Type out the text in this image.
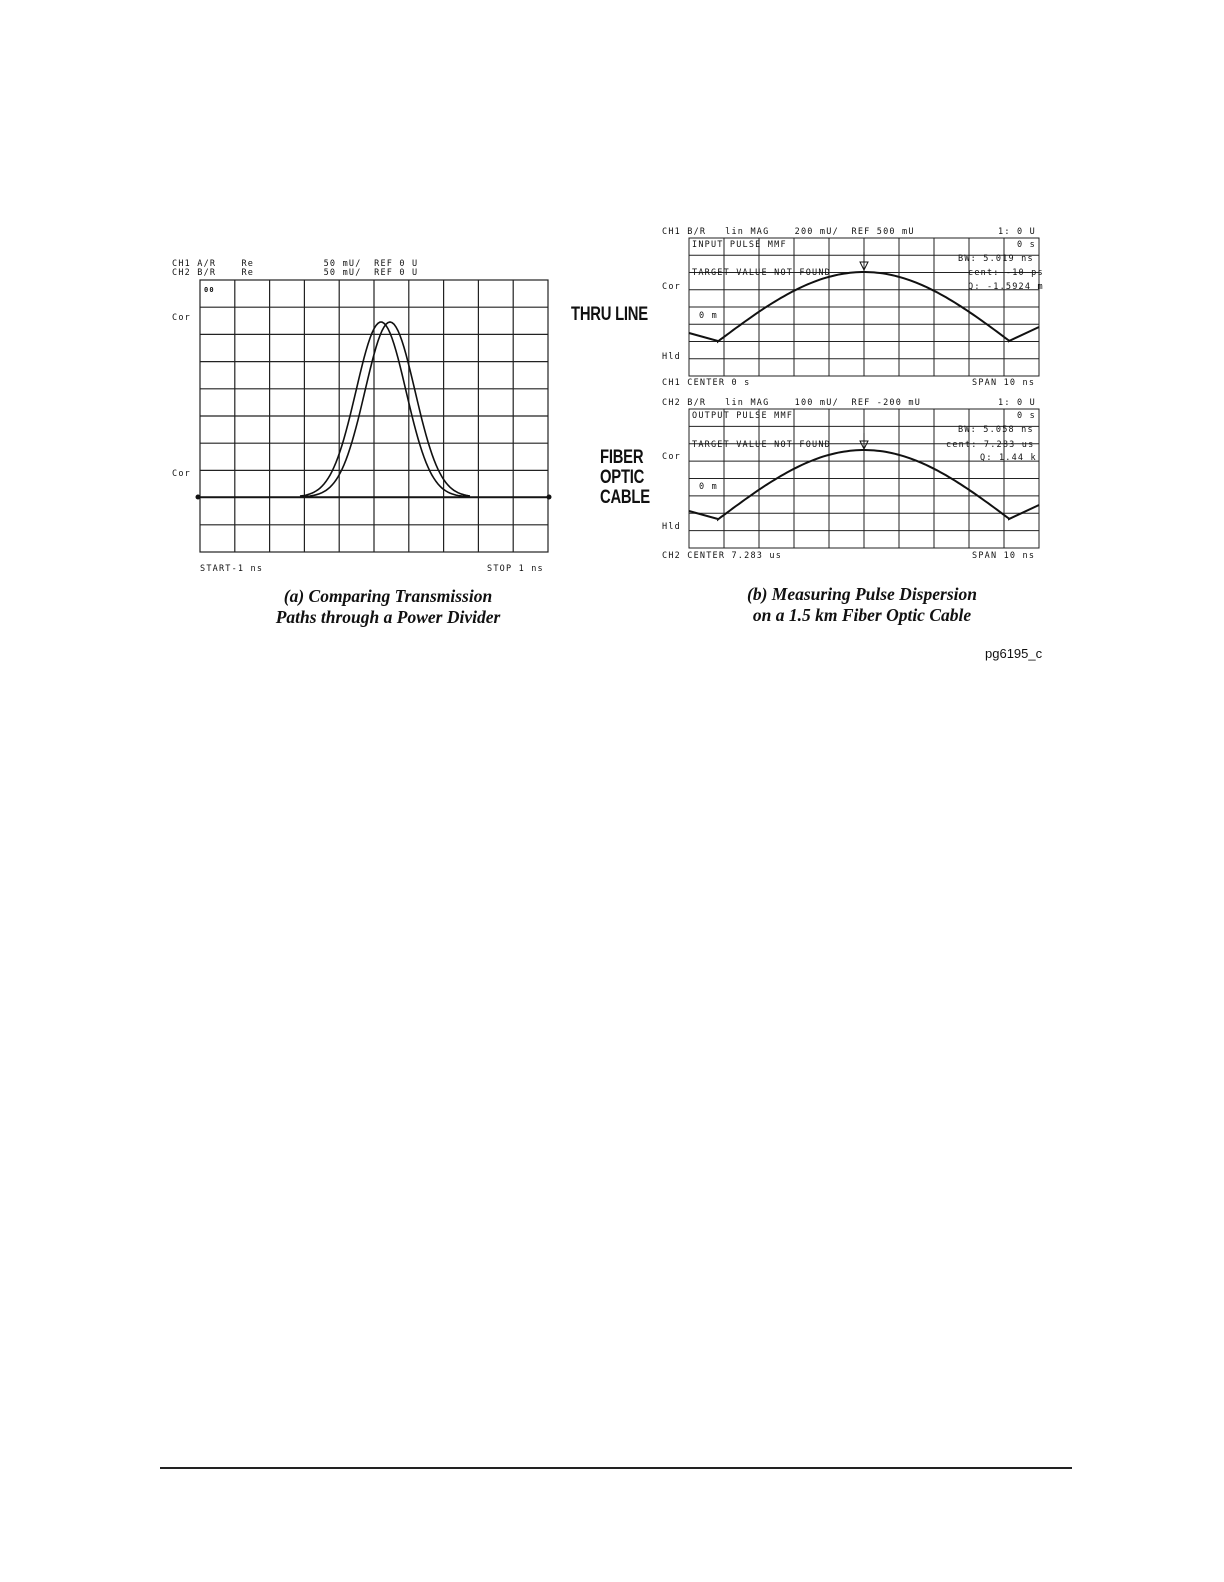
CH1 A/R    Re           50 mU/  REF 0 U
CH2 B/R    Re           50 mU/  REF 0 U
Cor
Cor
00
START-1 ns	STOP 1 ns
(a) Comparing Transmission
Paths through a Power Divider
CH1 B/R   lin MAG    200 mU/  REF 500 mU	1: 0 U
THRU LINE
Cor
Hld
INPUT PULSE MMF	0 s
BW: 5.019 ns
TARGET VALUE NOT FOUND	cent: -10 ps
Q: -1.5924 m
0 m
CH1 CENTER 0 s	SPAN 10 ns
CH2 B/R   lin MAG    100 mU/  REF -200 mU	1: 0 U
FIBER
OPTIC
CABLE
Cor
Hld
OUTPUT PULSE MMF	0 s
BW: 5.058 ns
TARGET VALUE NOT FOUND	cent: 7.283 us
Q: 1.44 k
0 m
CH2 CENTER 7.283 us	SPAN 10 ns
(b) Measuring Pulse Dispersion
on a 1.5 km Fiber Optic Cable
pg6195_c
